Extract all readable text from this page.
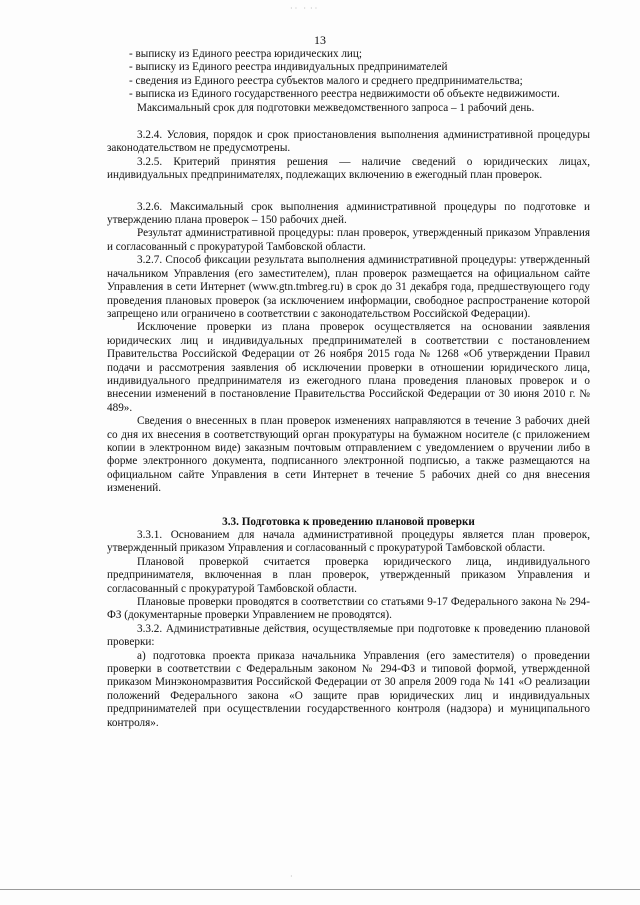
· ·   ·  · ·
13

- выписку из Единого реестра юридических лиц;

- выписку из Единого реестра индивидуальных предпринимателей

- сведения из Единого реестра субъектов малого и среднего предпринимательства;

- выписка из Единого государственного реестра недвижимости об объекте недвижимости.

Максимальный срок для подготовки межведомственного запроса – 1 рабочий день.

3.2.4. Условия, порядок и срок приостановления выполнения административной процедуры законодательством не предусмотрены.

3.2.5. Критерий принятия решения — наличие сведений о юридических лицах, индивидуальных предпринимателях, подлежащих включению в ежегодный план проверок.

3.2.6. Максимальный срок выполнения административной процедуры по подготовке и утверждению плана проверок – 150 рабочих дней.

Результат административной процедуры: план проверок, утвержденный приказом Управления и согласованный с прокуратурой Тамбовской области.

3.2.7. Способ фиксации результата выполнения административной процедуры: утвержденный начальником Управления (его заместителем), план проверок размещается на официальном сайте Управления в сети Интернет (www.gtn.tmbreg.ru) в срок до 31 декабря года, предшествующего году проведения плановых проверок (за исключением информации, свободное распространение которой запрещено или ограничено в соответствии с законодательством Российской Федерации).

Исключение проверки из плана проверок осуществляется на основании заявления юридических лиц и индивидуальных предпринимателей в соответствии с постановлением Правительства Российской Федерации от 26 ноября 2015 года № 1268 «Об утверждении Правил подачи и рассмотрения заявления об исключении проверки в отношении юридического лица, индивидуального предпринимателя из ежегодного плана проведения плановых проверок и о внесении изменений в постановление Правительства Российской Федерации от 30 июня 2010 г. № 489».

Сведения о внесенных в план проверок изменениях направляются в течение 3 рабочих дней со дня их внесения в соответствующий орган прокуратуры на бумажном носителе (с приложением копии в электронном виде) заказным почтовым отправлением с уведомлением о вручении либо в форме электронного документа, подписанного электронной подписью, а также размещаются на официальном сайте Управления в сети Интернет в течение 5 рабочих дней со дня внесения изменений.

3.3. Подготовка к проведению плановой проверки

3.3.1. Основанием для начала административной процедуры является план проверок, утвержденный приказом Управления и согласованный с прокуратурой Тамбовской области.

Плановой проверкой считается проверка юридического лица, индивидуального предпринимателя, включенная в план проверок, утвержденный приказом Управления и согласованный с прокуратурой Тамбовской области.

Плановые проверки проводятся в соответствии со статьями 9-17 Федерального закона № 294-ФЗ (документарные проверки Управлением не проводятся).

3.3.2. Административные действия, осуществляемые при подготовке к проведению плановой проверки:

а) подготовка проекта приказа начальника Управления (его заместителя) о проведении проверки в соответствии с Федеральным законом № 294-ФЗ и типовой формой, утвержденной приказом Минэкономразвития Российской Федерации от 30 апреля 2009 года № 141 «О реализации положений Федерального закона «О защите прав юридических лиц и индивидуальных предпринимателей при осуществлении государственного контроля (надзора) и муниципального контроля».

·
